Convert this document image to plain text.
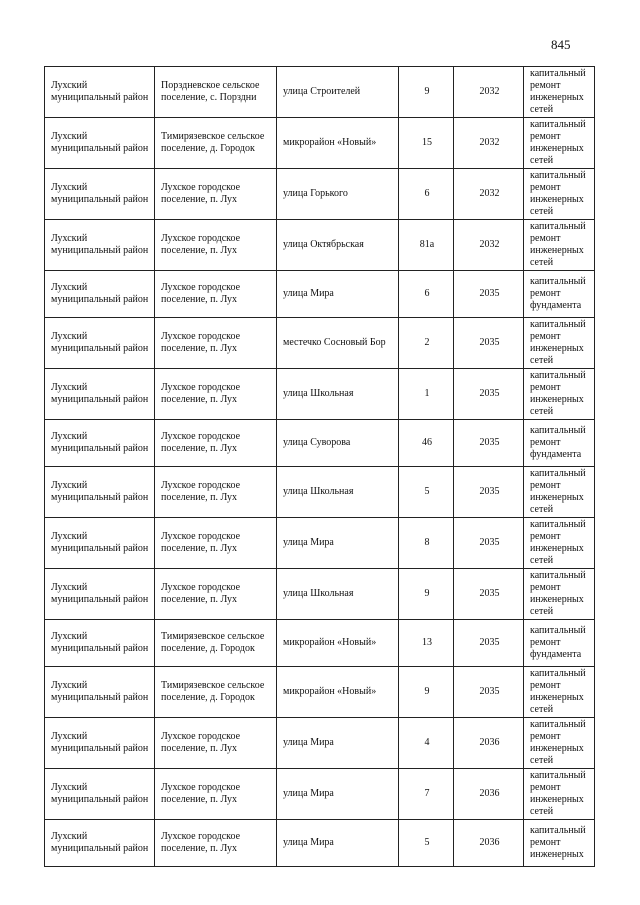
845
Лухский муниципальный район	Порздневское сельское поселение, с. Порздни	улица Строителей	9	2032	капитальный ремонт инженерных сетей
Лухский муниципальный район	Тимирязевское сельское поселение, д. Городок	микрорайон «Новый»	15	2032	капитальный ремонт инженерных сетей
Лухский муниципальный район	Лухское городское поселение, п. Лух	улица Горького	6	2032	капитальный ремонт инженерных сетей
Лухский муниципальный район	Лухское городское поселение, п. Лух	улица Октябрьская	81а	2032	капитальный ремонт инженерных сетей
Лухский муниципальный район	Лухское городское поселение, п. Лух	улица Мира	6	2035	капитальный ремонт фундамента
Лухский муниципальный район	Лухское городское поселение, п. Лух	местечко Сосновый Бор	2	2035	капитальный ремонт инженерных сетей
Лухский муниципальный район	Лухское городское поселение, п. Лух	улица Школьная	1	2035	капитальный ремонт инженерных сетей
Лухский муниципальный район	Лухское городское поселение, п. Лух	улица Суворова	46	2035	капитальный ремонт фундамента
Лухский муниципальный район	Лухское городское поселение, п. Лух	улица Школьная	5	2035	капитальный ремонт инженерных сетей
Лухский муниципальный район	Лухское городское поселение, п. Лух	улица Мира	8	2035	капитальный ремонт инженерных сетей
Лухский муниципальный район	Лухское городское поселение, п. Лух	улица Школьная	9	2035	капитальный ремонт инженерных сетей
Лухский муниципальный район	Тимирязевское сельское поселение, д. Городок	микрорайон «Новый»	13	2035	капитальный ремонт фундамента
Лухский муниципальный район	Тимирязевское сельское поселение, д. Городок	микрорайон «Новый»	9	2035	капитальный ремонт инженерных сетей
Лухский муниципальный район	Лухское городское поселение, п. Лух	улица Мира	4	2036	капитальный ремонт инженерных сетей
Лухский муниципальный район	Лухское городское поселение, п. Лух	улица Мира	7	2036	капитальный ремонт инженерных сетей
Лухский муниципальный район	Лухское городское поселение, п. Лух	улица Мира	5	2036	капитальный ремонт инженерных
